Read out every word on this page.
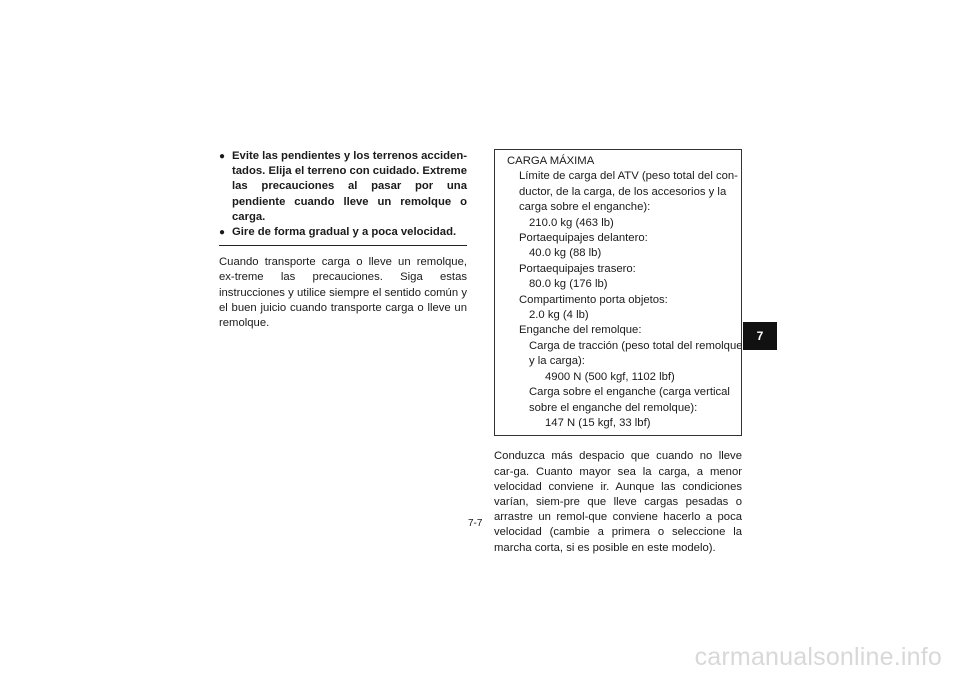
● Evite las pendientes y los terrenos acciden-tados. Elija el terreno con cuidado. Extreme las precauciones al pasar por una pendiente cuando lleve un remolque o carga.

● Gire de forma gradual y a poca velocidad.

Cuando transporte carga o lleve un remolque, ex-treme las precauciones. Siga estas instrucciones y utilice siempre el sentido común y el buen juicio cuando transporte carga o lleve un remolque.

CARGA MÁXIMA
Límite de carga del ATV (peso total del con-
ductor, de la carga, de los accesorios y la
carga sobre el enganche):
210.0 kg (463 lb)
Portaequipajes delantero:
40.0 kg (88 lb)
Portaequipajes trasero:
80.0 kg (176 lb)
Compartimento porta objetos:
2.0 kg (4 lb)
Enganche del remolque:
Carga de tracción (peso total del remolque
y la carga):
4900 N (500 kgf, 1102 lbf)
Carga sobre el enganche (carga vertical
sobre el enganche del remolque):
147 N (15 kgf, 33 lbf)

Conduzca más despacio que cuando no lleve car-ga. Cuanto mayor sea la carga, a menor velocidad conviene ir. Aunque las condiciones varían, siem-pre que lleve cargas pesadas o arrastre un remol-que conviene hacerlo a poca velocidad (cambie a primera o seleccione la marcha corta, si es posible en este modelo).

7-7
7
carmanualsonline.info
